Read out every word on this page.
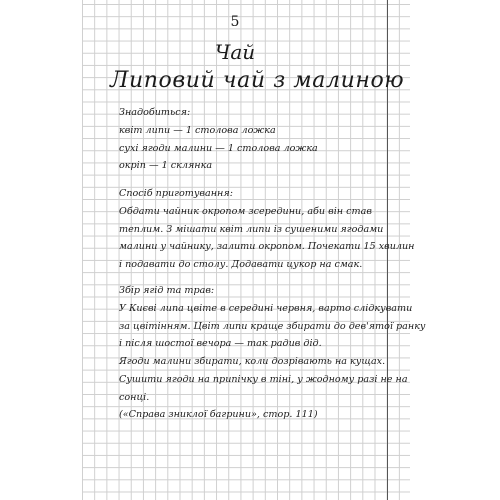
5
Чай
Липовий чай з малиною
Знадобиться:
квіт липи — 1 столова ложка
сухі ягоди малини — 1 столова ложка
окріп — 1 склянка
Спосіб приготування:
Обдати чайник окропом зсередини, аби він став
теплим. З мішати квіт липи із сушеними ягодами
малини у чайнику, залити окропом. Почекати 15 хвилин
і подавати до столу. Додавати цукор на смак.
Збір ягід та трав:
У Києві липа цвіте в середині червня, варто слідкувати
за цвітінням. Цвіт липи краще збирати до дев'ятої ранку
і після шостої вечора — так радив дід.
Ягоди малини збирати, коли дозрівають на кущах.
Сушити ягоди на припічку в тіні, у жодному разі не на
сонці.
(«Справа зниклої багрини», стор. 111)
